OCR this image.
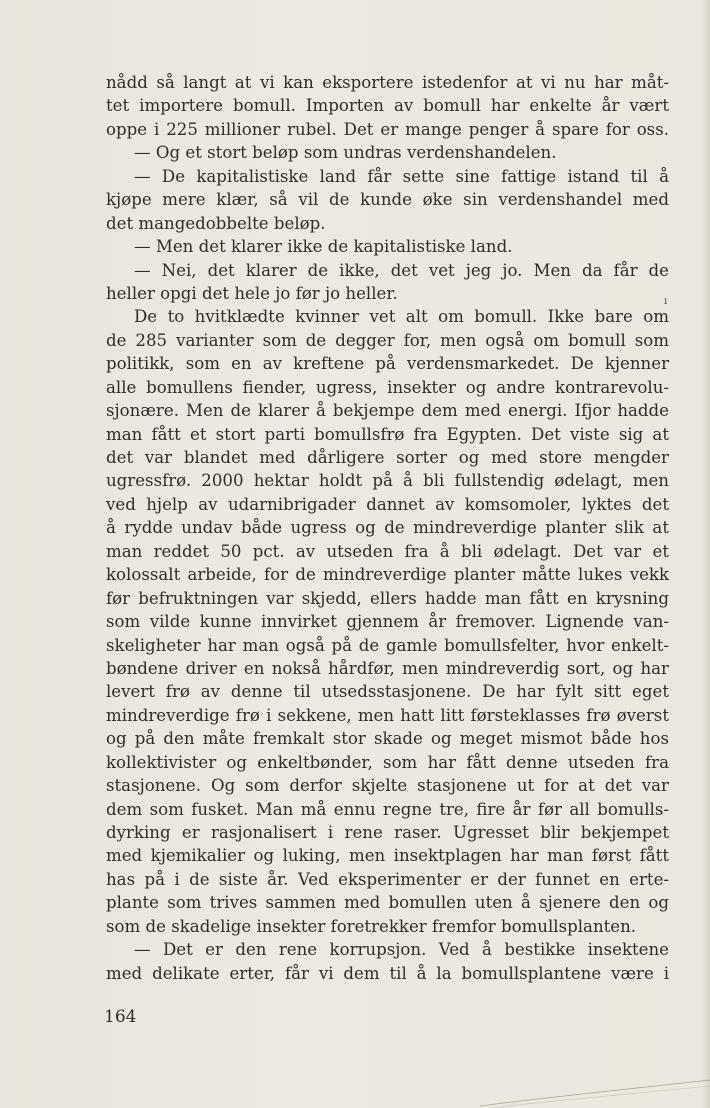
nådd så langt at vi kan eksportere istedenfor at vi nu har måt-
tet importere bomull. Importen av bomull har enkelte år vært
oppe i 225 millioner rubel. Det er mange penger å spare for oss.
— Og et stort beløp som undras verdenshandelen.
— De kapitalistiske land får sette sine fattige istand til å
kjøpe mere klær, så vil de kunde øke sin verdenshandel med
det mangedobbelte beløp.
— Men det klarer ikke de kapitalistiske land.
— Nei, det klarer de ikke, det vet jeg jo. Men da får de
heller opgi det hele jo før jo heller.
De to hvitklædte kvinner vet alt om bomull. Ikke bare om
de 285 varianter som de degger for, men også om bomull som
politikk, som en av kreftene på verdensmarkedet. De kjenner
alle bomullens fiender, ugress, insekter og andre kontrarevolu-
sjonære. Men de klarer å bekjempe dem med energi. Ifjor hadde
man fått et stort parti bomullsfrø fra Egypten. Det viste sig at
det var blandet med dårligere sorter og med store mengder
ugressfrø. 2000 hektar holdt på å bli fullstendig ødelagt, men
ved hjelp av udarnibrigader dannet av komsomoler, lyktes det
å rydde undav både ugress og de mindreverdige planter slik at
man reddet 50 pct. av utseden fra å bli ødelagt. Det var et
kolossalt arbeide, for de mindreverdige planter måtte lukes vekk
før befruktningen var skjedd, ellers hadde man fått en krysning
som vilde kunne innvirket gjennem år fremover. Lignende van-
skeligheter har man også på de gamle bomullsfelter, hvor enkelt-
bøndene driver en nokså hårdfør, men mindreverdig sort, og har
levert frø av denne til utsedsstasjonene. De har fylt sitt eget
mindreverdige frø i sekkene, men hatt litt førsteklasses frø øverst
og på den måte fremkalt stor skade og meget mismot både hos
kollektivister og enkeltbønder, som har fått denne utseden fra
stasjonene. Og som derfor skjelte stasjonene ut for at det var
dem som fusket. Man må ennu regne tre, fire år før all bomulls-
dyrking er rasjonalisert i rene raser. Ugresset blir bekjempet
med kjemikalier og luking, men insektplagen har man først fått
has på i de siste år. Ved eksperimenter er der funnet en erte-
plante som trives sammen med bomullen uten å sjenere den og
som de skadelige insekter foretrekker fremfor bomullsplanten.
— Det er den rene korrupsjon. Ved å bestikke insektene
med delikate erter, får vi dem til å la bomullsplantene være i
ı
164
